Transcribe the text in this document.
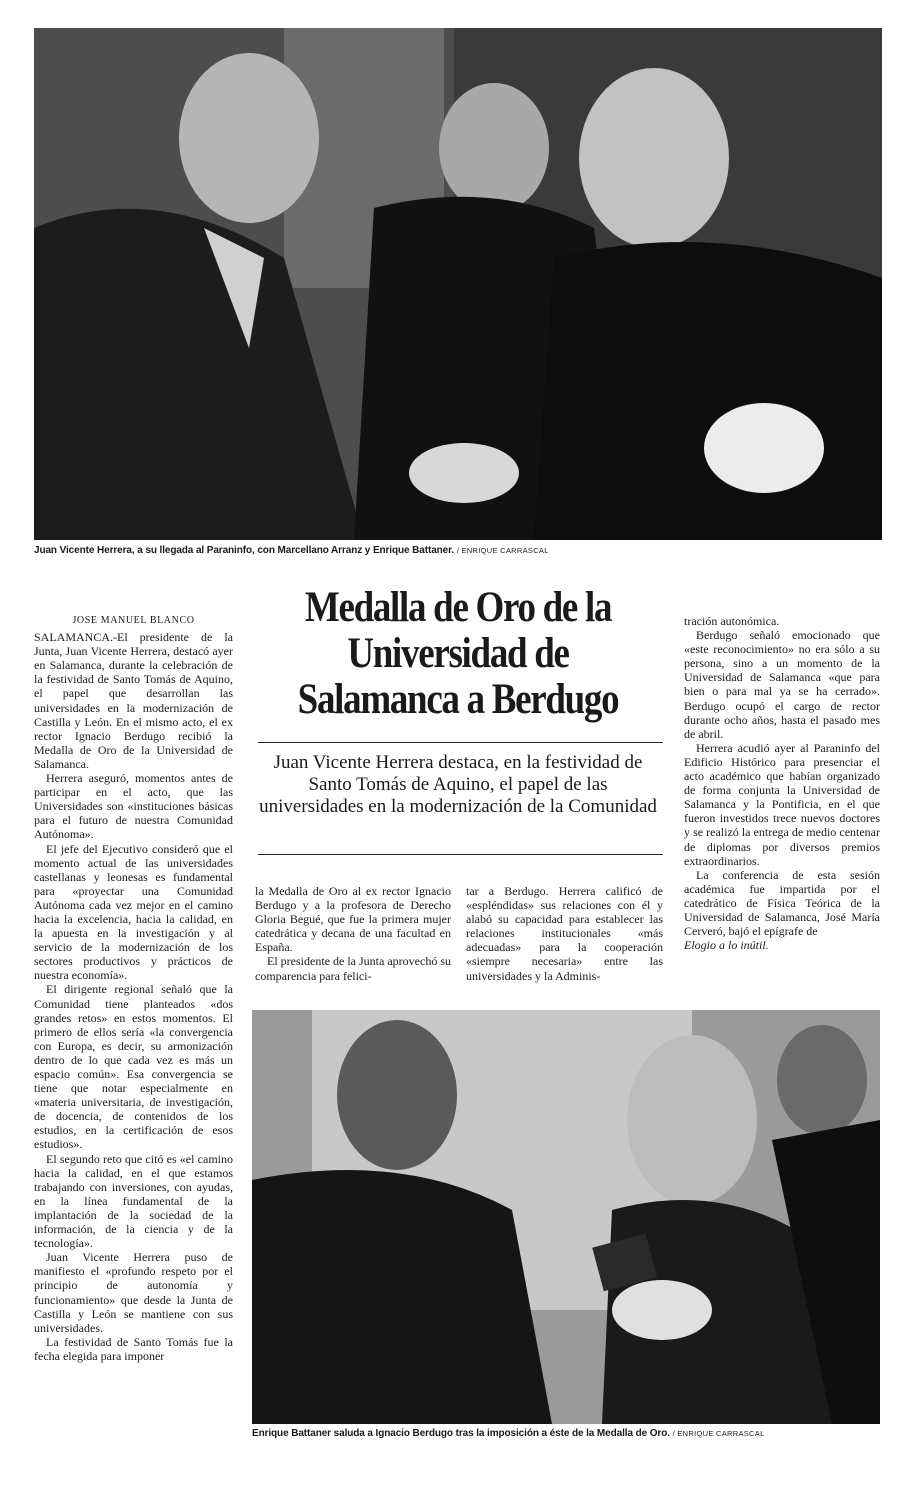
Juan Vicente Herrera, a su llegada al Paraninfo, con Marcellano Arranz y Enrique Battaner. / ENRIQUE CARRASCAL
Medalla de Oro de la Universidad de Salamanca a Berdugo
Juan Vicente Herrera destaca, en la festividad de Santo Tomás de Aquino, el papel de las universidades en la modernización de la Comunidad
JOSE MANUEL BLANCO

SALAMANCA.-El presidente de la Junta, Juan Vicente Herrera, destacó ayer en Salamanca, durante la celebración de la festividad de Santo Tomás de Aquino, el papel que desarrollan las universidades en la modernización de Castilla y León. En el mismo acto, el ex rector Ignacio Berdugo recibió la Medalla de Oro de la Universidad de Salamanca.

Herrera aseguró, momentos antes de participar en el acto, que las Universidades son «instituciones básicas para el futuro de nuestra Comunidad Autónoma».

El jefe del Ejecutivo consideró que el momento actual de las universidades castellanas y leonesas es fundamental para «proyectar una Comunidad Autónoma cada vez mejor en el camino hacia la excelencia, hacia la calidad, en la apuesta en la investigación y al servicio de la modernización de los sectores productivos y prácticos de nuestra economía».

El dirigente regional señaló que la Comunidad tiene planteados «dos grandes retos» en estos momentos. El primero de ellos sería «la convergencia con Europa, es decir, su armonización dentro de lo que cada vez es más un espacio común». Esa convergencia se tiene que notar especialmente en «materia universitaria, de investigación, de docencia, de contenidos de los estudios, en la certificación de esos estudios».

El segundo reto que citó es «el camino hacia la calidad, en el que estamos trabajando con inversiones, con ayudas, en la línea fundamental de la implantación de la sociedad de la información, de la ciencia y de la tecnología».

Juan Vicente Herrera puso de manifiesto el «profundo respeto por el principio de autonomía y funcionamiento» que desde la Junta de Castilla y León se mantiene con sus universidades.

La festividad de Santo Tomás fue la fecha elegida para imponer

la Medalla de Oro al ex rector Ignacio Berdugo y a la profesora de Derecho Gloria Begué, que fue la primera mujer catedrática y decana de una facultad en España.

El presidente de la Junta aprovechó su comparencia para felici-

tar a Berdugo. Herrera calificó de «espléndidas» sus relaciones con él y alabó su capacidad para establecer las relaciones institucionales «más adecuadas» para la cooperación «siempre necesaria» entre las universidades y la Adminis-

tración autonómica.

Berdugo señaló emocionado que «este reconocimiento» no era sólo a su persona, sino a un momento de la Universidad de Salamanca «que para bien o para mal ya se ha cerrado». Berdugo ocupó el cargo de rector durante ocho años, hasta el pasado mes de abril.

Herrera acudió ayer al Paraninfo del Edificio Histórico para presenciar el acto académico que habían organizado de forma conjunta la Universidad de Salamanca y la Pontificia, en el que fueron investidos trece nuevos doctores y se realizó la entrega de medio centenar de diplomas por diversos premios extraordinarios.

La conferencia de esta sesión académica fue impartida por el catedrático de Física Teórica de la Universidad de Salamanca, José María Cerveró, bajó el epígrafe de

Elogio a lo inútil.

Enrique Battaner saluda a Ignacio Berdugo tras la imposición a éste de la Medalla de Oro. / ENRIQUE CARRASCAL
